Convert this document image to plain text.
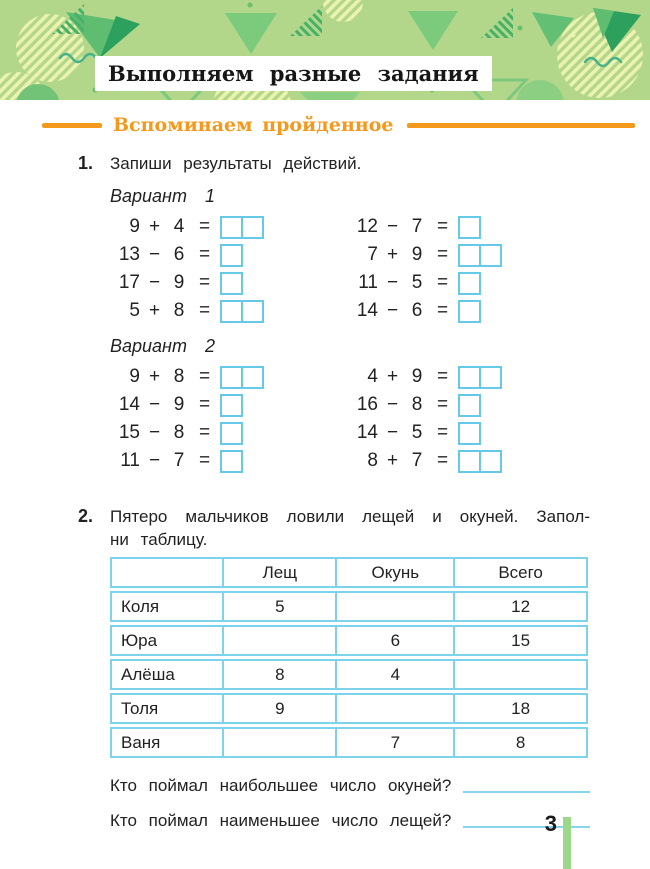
Выполняем разные задания
Вспоминаем пройденное
1. Запиши результаты действий.

Вариант 1

9 + 4 =	12 − 7 =
13 − 6 =	7 + 9 =
17 − 9 =	11 − 5 =
5 + 8 =	14 − 6 =

Вариант 2

9 + 8 =	4 + 9 =
14 − 9 =	16 − 8 =
15 − 8 =	14 − 5 =
11 − 7 =	8 + 7 =
2. Пятеро мальчиков ловили лещей и окуней. Запол-

ни таблицу.

	Лещ	Окунь	Всего
Коля	5		12
Юра		6	15
Алёша	8	4	
Толя	9		18
Ваня		7	8
Кто поймал наибольшее число окуней?
Кто поймал наименьшее число лещей?	3
